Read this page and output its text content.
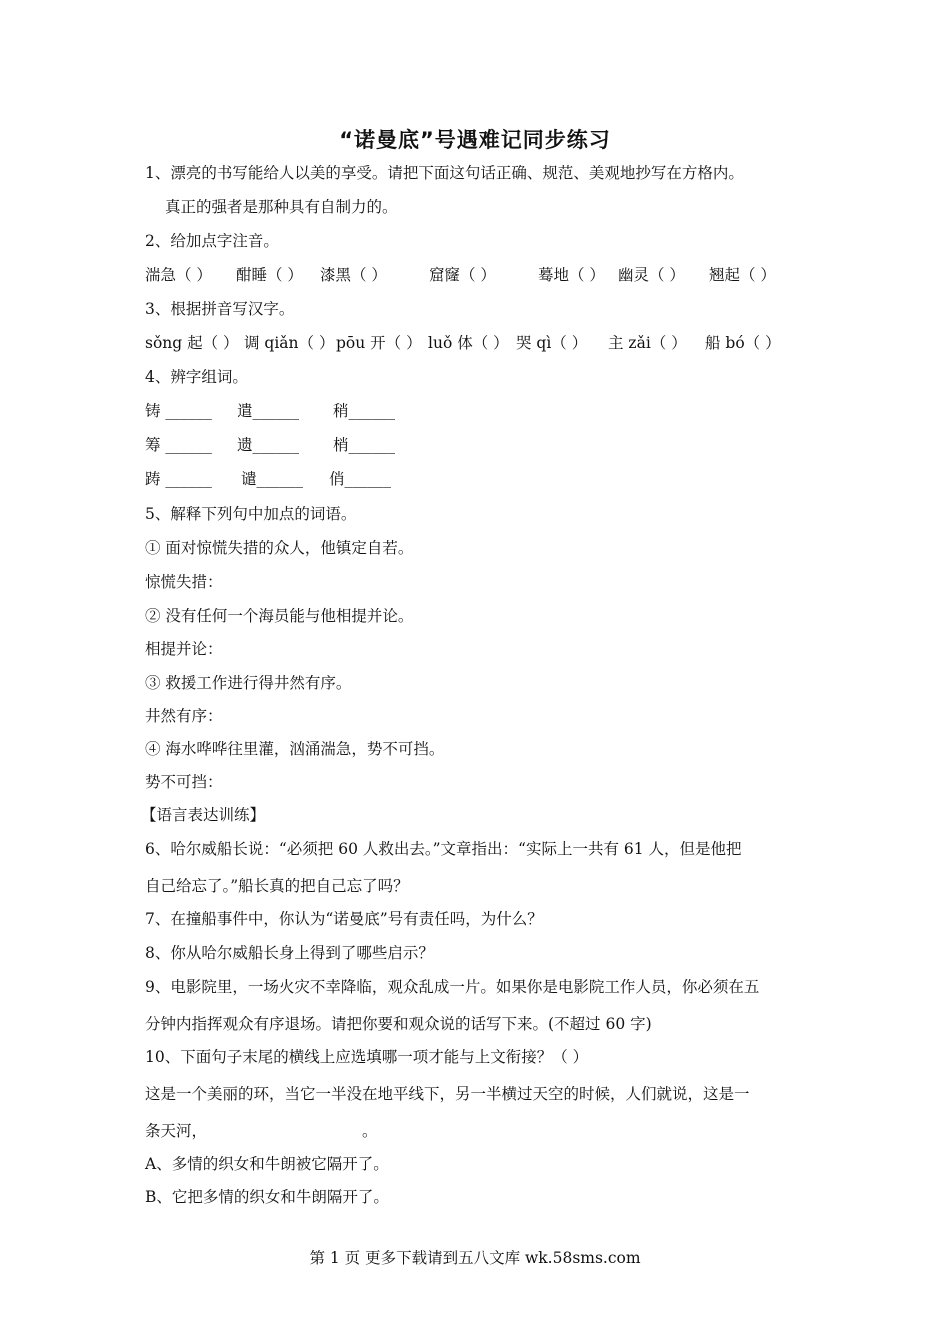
“诺曼底”号遇难记同步练习
1、漂亮的书写能给人以美的享受。请把下面这句话正确、规范、美观地抄写在方格内。
真正的强者是那种具有自制力的。
2、给加点字注音。
湍急（ ） 酣睡（ ） 漆黑（ ）	窟窿（ ）	蓦地（ ） 幽灵（ ） 翘起（ ）
3、根据拼音写汉字。
sǒng 起（ ） 调 qiǎn（ ） pōu 开（ ） luǒ 体（ ） 哭 qì（ ） 主 zǎi（ ） 船 bó（ ）
4、辨字组词。
铸 ______ 遣______ 稍______
筹 ______ 遗______ 梢______
踌 ______ 谴______ 俏______
5、解释下列句中加点的词语。
① 面对惊慌失措的众人，他镇定自若。
惊慌失措：
② 没有任何一个海员能与他相提并论。
相提并论：
③ 救援工作进行得井然有序。
井然有序：
④ 海水哗哗往里灌，汹涌湍急，势不可挡。
势不可挡：
【语言表达训练】
6、哈尔威船长说：“必须把 60 人救出去。”文章指出：“实际上一共有 61 人，但是他把
自己给忘了。”船长真的把自己忘了吗？
7、在撞船事件中，你认为“诺曼底”号有责任吗，为什么？
8、你从哈尔威船长身上得到了哪些启示？
9、电影院里，一场火灾不幸降临，观众乱成一片。如果你是电影院工作人员，你必须在五
分钟内指挥观众有序退场。请把你要和观众说的话写下来。(不超过 60 字)
10、下面句子末尾的横线上应选填哪一项才能与上文衔接？（ ）
这是一个美丽的环，当它一半没在地平线下，另一半横过天空的时候，人们就说，这是一
条天河，	。
A、多情的织女和牛朗被它隔开了。
B、它把多情的织女和牛朗隔开了。
第 1 页 更多下载请到五八文库 wk.58sms.com
